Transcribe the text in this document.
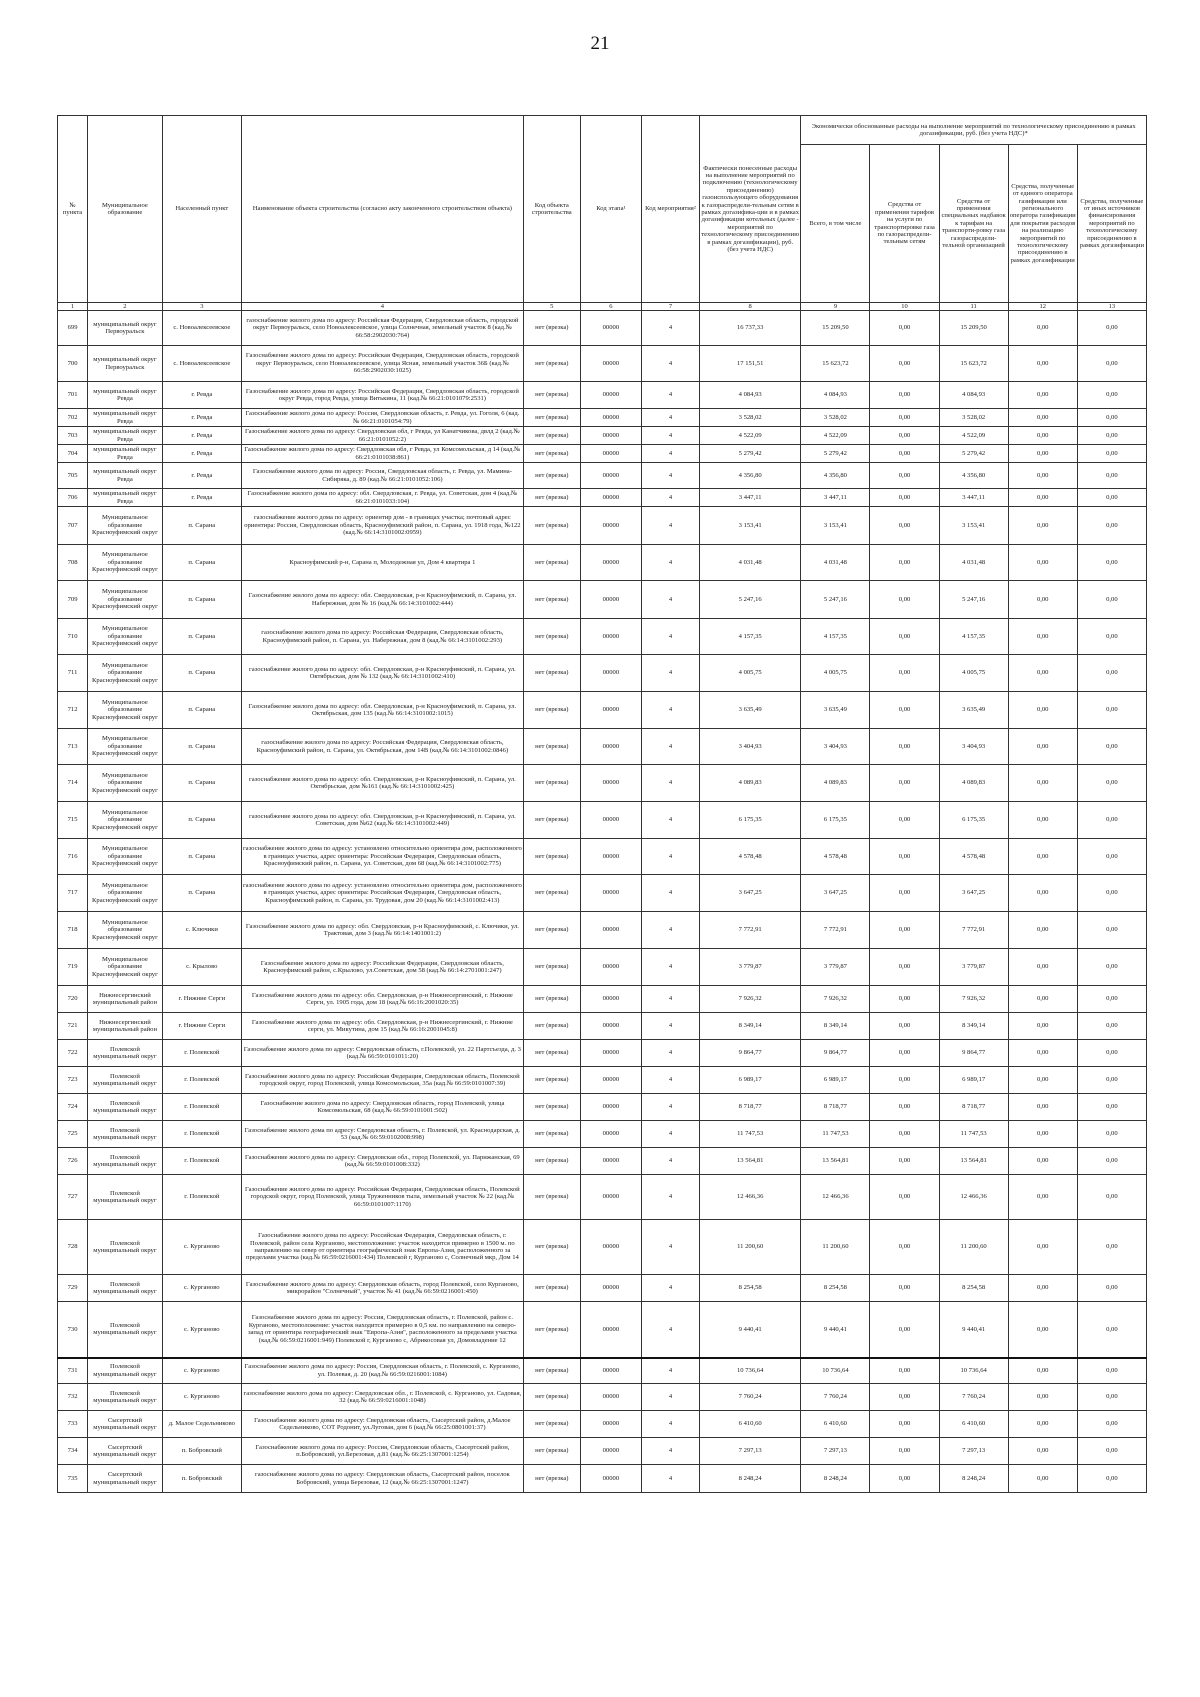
21
№ пункта	Муниципальное образование	Населенный пункт	Наименование объекта строительства (согласно акту законченного строительством объекта)	Код объекта строительства	Код этапа¹	Код мероприятия²	Фактически понесенные расходы на выполнение мероприятий по подключению (технологическому присоединению) газоиспользующего оборудования к газораспредели-тельным сетям в рамках догазифика-ции и в рамках догазификации котельных (далее - мероприятий по технологическому присоединению в рамках догазификации), руб. (без учета НДС)	Экономически обоснованные расходы на выполнение мероприятий по технологическому присоединению в рамках догазификации, руб. (без учета НДС)*				
								Всего, в том числе	Средства от применения тарифов на услуги по транспортировке газа по газораспредели-тельным сетям	Средства от применения специальных надбавок к тарифам на транспорти-ровку газа газораспредели-тельной организацией	Средства, полученные от единого оператора газификации или регионального оператора газификации для покрытия расходов на реализацию мероприятий по технологическому присоединению в рамках догазификации	Средства, полученные от иных источников финансирования мероприятий по технологическому присоединению в рамках догазификации
1	2	3	4	5	6	7	8	9	10	11	12	13
699	муниципальный округ Первоуральск	с. Новоалексеевское	газоснабжение жилого дома по адресу: Российская Федерация, Свердловская область, городской округ Первоуральск, село Новоалексеевское, улица Солнечная, земельный участок 8 (кад.№ 66:58:2902030:764)	нет (врезка)	00000	4	16 737,33	15 209,50	0,00	15 209,50	0,00	0,00
700	муниципальный округ Первоуральск	с. Новоалексеевское	Газоснабжение жилого дома по адресу: Российская Федерация, Свердловская область, городской округ Первоуральск, село Новоалексеевское, улица Ясная, земельный участок 36Б (кад.№ 66:58:2902030:1025)	нет (врезка)	00000	4	17 151,51	15 623,72	0,00	15 623,72	0,00	0,00
701	муниципальный округ Ревда	г. Ревда	Газоснабжение жилого дома по адресу: Российская Федерация, Свердловская область, городской округ Ревда, город Ревда, улица Витькина, 11 (кад.№ 66:21:0101079:2531)	нет (врезка)	00000	4	4 084,93	4 084,93	0,00	4 084,93	0,00	0,00
702	муниципальный округ Ревда	г. Ревда	Газоснабжение жилого дома по адресу: Россия, Свердловская область, г. Ревда, ул. Гоголя, 6 (кад.№ 66:21:0101054:79)	нет (врезка)	00000	4	3 528,02	3 528,02	0,00	3 528,02	0,00	0,00
703	муниципальный округ Ревда	г. Ревда	Газоснабжение жилого дома по адресу: Свердловская обл, г Ревда, ул Канатчикова, двлд 2 (кад.№ 66:21:0101052:2)	нет (врезка)	00000	4	4 522,09	4 522,09	0,00	4 522,09	0,00	0,00
704	муниципальный округ Ревда	г. Ревда	Газоснабжение жилого дома по адресу: Свердловская обл, г Ревда, ул Комсомольская, д 14 (кад.№ 66:21:0101038:861)	нет (врезка)	00000	4	5 279,42	5 279,42	0,00	5 279,42	0,00	0,00
705	муниципальный округ Ревда	г. Ревда	Газоснабжение жилого дома по адресу: Россия, Свердловская область, г. Ревда, ул. Мамина-Сибиряка, д. 89 (кад.№ 66:21:0101052:106)	нет (врезка)	00000	4	4 356,80	4 356,80	0,00	4 356,80	0,00	0,00
706	муниципальный округ Ревда	г. Ревда	Газоснабжение жилого дома по адресу: обл. Свердловская, г. Ревда, ул. Советская, дом 4 (кад.№ 66:21:0101033:104)	нет (врезка)	00000	4	3 447,11	3 447,11	0,00	3 447,11	0,00	0,00
707	Муниципальное образование Красноуфимский округ	п. Сарана	газоснабжение жилого дома по адресу: ориентир дом - в границах участка; почтовый адрес ориентира: Россия, Свердловская область, Красноуфимский район, п. Сарана, ул. 1918 года, №122 (кад.№ 66:14:3101002:0959)	нет (врезка)	00000	4	3 153,41	3 153,41	0,00	3 153,41	0,00	0,00
708	Муниципальное образование Красноуфимский округ	п. Сарана	Красноуфимский р-н, Сарана п, Молодежная ул, Дом 4 квартира 1	нет (врезка)	00000	4	4 031,48	4 031,48	0,00	4 031,48	0,00	0,00
709	Муниципальное образование Красноуфимский округ	п. Сарана	Газоснабжение жилого дома по адресу: обл. Свердловская, р-н Красноуфимский, п. Сарана, ул. Набережная, дом № 16 (кад.№ 66:14:3101002:444)	нет (врезка)	00000	4	5 247,16	5 247,16	0,00	5 247,16	0,00	0,00
710	Муниципальное образование Красноуфимский округ	п. Сарана	газоснабжение жилого дома по адресу: Российская Федерация, Свердловская область, Красноуфимский район, п. Сарана, ул. Набережная, дом 8 (кад.№ 66:14:3101002:293)	нет (врезка)	00000	4	4 157,35	4 157,35	0,00	4 157,35	0,00	0,00
711	Муниципальное образование Красноуфимский округ	п. Сарана	газоснабжение жилого дома по адресу: обл. Свердловская, р-н Красноуфимский, п. Сарана, ул. Октябрьская, дом № 132 (кад.№ 66:14:3101002:410)	нет (врезка)	00000	4	4 005,75	4 005,75	0,00	4 005,75	0,00	0,00
712	Муниципальное образование Красноуфимский округ	п. Сарана	Газоснабжение жилого дома по адресу: обл. Свердловская, р-н Красноуфимский, п. Сарана, ул. Октябрьская, дом 135 (кад.№ 66:14:3101002:1015)	нет (врезка)	00000	4	3 635,49	3 635,49	0,00	3 635,49	0,00	0,00
713	Муниципальное образование Красноуфимский округ	п. Сарана	газоснабжение жилого дома по адресу: Российская Федерация, Свердловская область, Красноуфимский район, п. Сарана, ул. Октябрьская, дом 14В (кад.№ 66:14:3101002:0846)	нет (врезка)	00000	4	3 404,93	3 404,93	0,00	3 404,93	0,00	0,00
714	Муниципальное образование Красноуфимский округ	п. Сарана	газоснабжение жилого дома по адресу: обл. Свердловская, р-н Красноуфимский, п. Сарана, ул. Октябрьская, дом №161 (кад.№ 66:14:3101002:425)	нет (врезка)	00000	4	4 089,83	4 089,83	0,00	4 089,83	0,00	0,00
715	Муниципальное образование Красноуфимский округ	п. Сарана	газоснабжение жилого дома по адресу: обл. Свердловская, р-н Красноуфимский, п. Сарана, ул. Советская, дом №62 (кад.№ 66:14:3101002:449)	нет (врезка)	00000	4	6 175,35	6 175,35	0,00	6 175,35	0,00	0,00
716	Муниципальное образование Красноуфимский округ	п. Сарана	газоснабжение жилого дома по адресу: установлено относительно ориентира дом, расположенного в границах участка, адрес ориентира: Российская Федерация, Свердловская область, Красноуфимский район, п. Сарана, ул. Советская, дом 68 (кад.№ 66:14:3101002:775)	нет (врезка)	00000	4	4 578,48	4 578,48	0,00	4 578,48	0,00	0,00
717	Муниципальное образование Красноуфимский округ	п. Сарана	газоснабжение жилого дома по адресу: установлено относительно ориентира дом, расположенного в границах участка, адрес ориентира: Российская Федерация, Свердловская область, Красноуфимский район, п. Сарана, ул. Трудовая, дом 20 (кад.№ 66:14:3101002:413)	нет (врезка)	00000	4	3 647,25	3 647,25	0,00	3 647,25	0,00	0,00
718	Муниципальное образование Красноуфимский округ	с. Ключики	Газоснабжение жилого дома по адресу: обл. Свердловская, р-н Красноуфимский, с. Ключики, ул. Трактовая, дом 3 (кад.№ 66:14:1401001:2)	нет (врезка)	00000	4	7 772,91	7 772,91	0,00	7 772,91	0,00	0,00
719	Муниципальное образование Красноуфимский округ	с. Крылово	Газоснабжение жилого дома по адресу: Российская Федерация, Свердловская область, Красноуфимский район, с.Крылово, ул.Советская, дом 58 (кад.№ 66:14:2701001:247)	нет (врезка)	00000	4	3 779,87	3 779,87	0,00	3 779,87	0,00	0,00
720	Нижнесергинский муниципальный район	г. Нижние Серги	Газоснабжение жилого дома по адресу: обл. Свердловская, р-н Нижнесергинский, г. Нижние Серги, ул. 1905 года, дом 18 (кад.№ 66:16:2001020:35)	нет (врезка)	00000	4	7 926,32	7 926,32	0,00	7 926,32	0,00	0,00
721	Нижнесергинский муниципальный район	г. Нижние Серги	Газоснабжение жилого дома по адресу: обл. Свердловская, р-н Нижнесергинский, г. Нижние серги, ул. Микутина, дом 15 (кад.№ 66:16:2001045:8)	нет (врезка)	00000	4	8 349,14	8 349,14	0,00	8 349,14	0,00	0,00
722	Полевской муниципальный округ	г. Полевской	Газоснабжение жилого дома по адресу: Свердловская область, г.Полевской, ул. 22 Партсъезда, д. 3 (кад.№ 66:59:0101011:20)	нет (врезка)	00000	4	9 864,77	9 864,77	0,00	9 864,77	0,00	0,00
723	Полевской муниципальный округ	г. Полевской	Газоснабжение жилого дома по адресу: Российская Федерация, Свердловская область, Полевской городской округ, город Полевской, улица Комсомольская, 35а (кад.№ 66:59:0101007:39)	нет (врезка)	00000	4	6 989,17	6 989,17	0,00	6 989,17	0,00	0,00
724	Полевской муниципальный округ	г. Полевской	Газоснабжение жилого дома по адресу: Свердловская область, город Полевской, улица Комсомольская, 68 (кад.№ 66:59:0101001:502)	нет (врезка)	00000	4	8 718,77	8 718,77	0,00	8 718,77	0,00	0,00
725	Полевской муниципальный округ	г. Полевской	Газоснабжение жилого дома по адресу: Свердловская область, г. Полевской, ул. Краснодарская, д. 53 (кад.№ 66:59:0102008:998)	нет (врезка)	00000	4	11 747,53	11 747,53	0,00	11 747,53	0,00	0,00
726	Полевской муниципальный округ	г. Полевской	Газоснабжение жилого дома по адресу: Свердловская обл., город Полевской, ул. Парижанская, 69 (кад.№ 66:59:0101008:332)	нет (врезка)	00000	4	13 564,81	13 564,81	0,00	13 564,81	0,00	0,00
727	Полевской муниципальный округ	г. Полевской	Газоснабжение жилого дома по адресу: Российская Федерация, Свердловская область, Полевской городской округ, город Полевской, улица Труженников тыла, земельный участок № 22 (кад.№ 66:59:0101007:1170)	нет (врезка)	00000	4	12 466,36	12 466,36	0,00	12 466,36	0,00	0,00
728	Полевской муниципальный округ	с. Курганово	Газоснабжение жилого дома по адресу: Российская Федерация, Свердловская область, г. Полевской, район села Курганово, местоположение: участок находится примерно в 1500 м. по направлению на север от ориентира географический знак Европа-Азия, расположенного за пределами участка (кад.№ 66:59:0216001:434) Полевской г, Курганово с, Солнечный мкр, Дом 14	нет (врезка)	00000	4	11 200,60	11 200,60	0,00	11 200,60	0,00	0,00
729	Полевской муниципальный округ	с. Курганово	Газоснабжение жилого дома по адресу: Свердловская область, город Полевской, село Курганово, микрорайон "Солнечный", участок № 41 (кад.№ 66:59:0216001:450)	нет (врезка)	00000	4	8 254,58	8 254,58	0,00	8 254,58	0,00	0,00
730	Полевской муниципальный округ	с. Курганово	Газоснабжение жилого дома по адресу: Россия, Свердловская область, г. Полевской, район с. Курганово, местоположение: участок находится примерно в 0,5 км. по направлению на северо-запад от ориентира географический знак "Европа-Азия", расположенного за пределами участка (кад.№ 66:59:0216001:949) Полевской г, Курганово с, Абрикосовая ул, Домовладение 12	нет (врезка)	00000	4	9 440,41	9 440,41	0,00	9 440,41	0,00	0,00
731	Полевской муниципальный округ	с. Курганово	Газоснабжение жилого дома по адресу: Россия, Свердловская область, г. Полевской, с. Курганово, ул. Полевая, д. 20 (кад.№ 66:59:0216001:1084)	нет (врезка)	00000	4	10 736,64	10 736,64	0,00	10 736,64	0,00	0,00
732	Полевской муниципальный округ	с. Курганово	газоснабжение жилого дома по адресу: Свердловская обл., г. Полевской, с. Курганово, ул. Садовая, 32 (кад.№ 66:59:0216001:1048)	нет (врезка)	00000	4	7 760,24	7 760,24	0,00	7 760,24	0,00	0,00
733	Сысертский муниципальный округ	д. Малое Седельниково	Газоснабжение жилого дома по адресу: Свердловская область, Сысертский район, д.Малое Седельниково, СОТ Родонит, ул.Луговая, дом 6 (кад.№ 66:25:0801001:37)	нет (врезка)	00000	4	6 410,60	6 410,60	0,00	6 410,60	0,00	0,00
734	Сысертский муниципальный округ	п. Бобровский	Газоснабжение жилого дома по адресу: Россия, Свердловская область, Сысертский район, п.Бобровский, ул.Березовая, д.81 (кад.№ 66:25:1307001:1254)	нет (врезка)	00000	4	7 297,13	7 297,13	0,00	7 297,13	0,00	0,00
735	Сысертский муниципальный округ	п. Бобровский	газоснабжение жилого дома по адресу: Свердловская область, Сысертский район, поселок Бобровский, улица Березовая, 12 (кад.№ 66:25:1307001:1247)	нет (врезка)	00000	4	8 248,24	8 248,24	0,00	8 248,24	0,00	0,00
